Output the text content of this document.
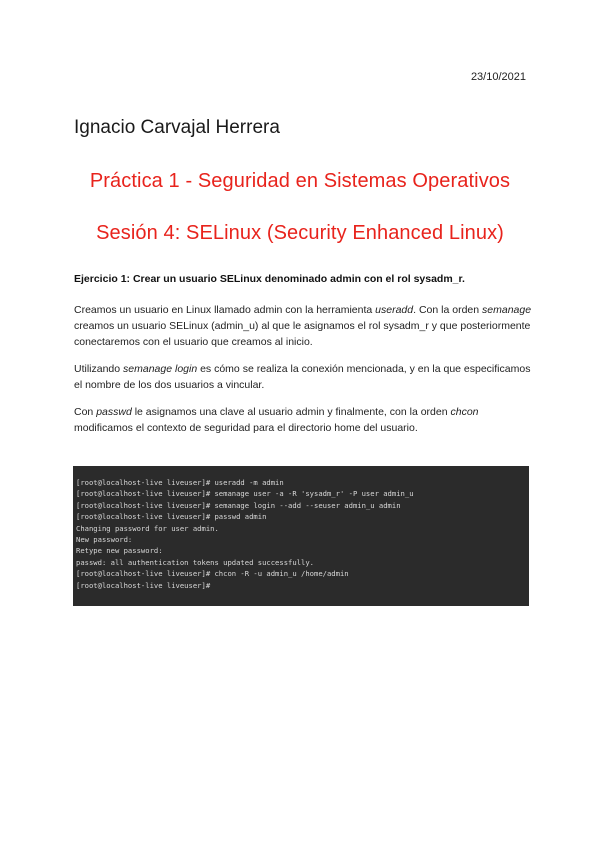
23/10/2021
Ignacio Carvajal Herrera
Práctica 1 - Seguridad en Sistemas Operativos
Sesión 4: SELinux (Security Enhanced Linux)
Ejercicio 1: Crear un usuario SELinux denominado admin con el rol sysadm_r.
Creamos un usuario en Linux llamado admin con la herramienta useradd. Con la orden semanage creamos un usuario SELinux (admin_u) al que le asignamos el rol sysadm_r y que posteriormente conectaremos con el usuario que creamos al inicio.
Utilizando semanage login es cómo se realiza la conexión mencionada, y en la que especificamos el nombre de los dos usuarios a vincular.
Con passwd le asignamos una clave al usuario admin y finalmente, con la orden chcon modificamos el contexto de seguridad para el directorio home del usuario.
[root@localhost-live liveuser]# useradd -m admin
[root@localhost-live liveuser]# semanage user -a -R 'sysadm_r' -P user admin_u
[root@localhost-live liveuser]# semanage login --add --seuser admin_u admin
[root@localhost-live liveuser]# passwd admin
Changing password for user admin.
New password:
Retype new password:
passwd: all authentication tokens updated successfully.
[root@localhost-live liveuser]# chcon -R -u admin_u /home/admin
[root@localhost-live liveuser]#
